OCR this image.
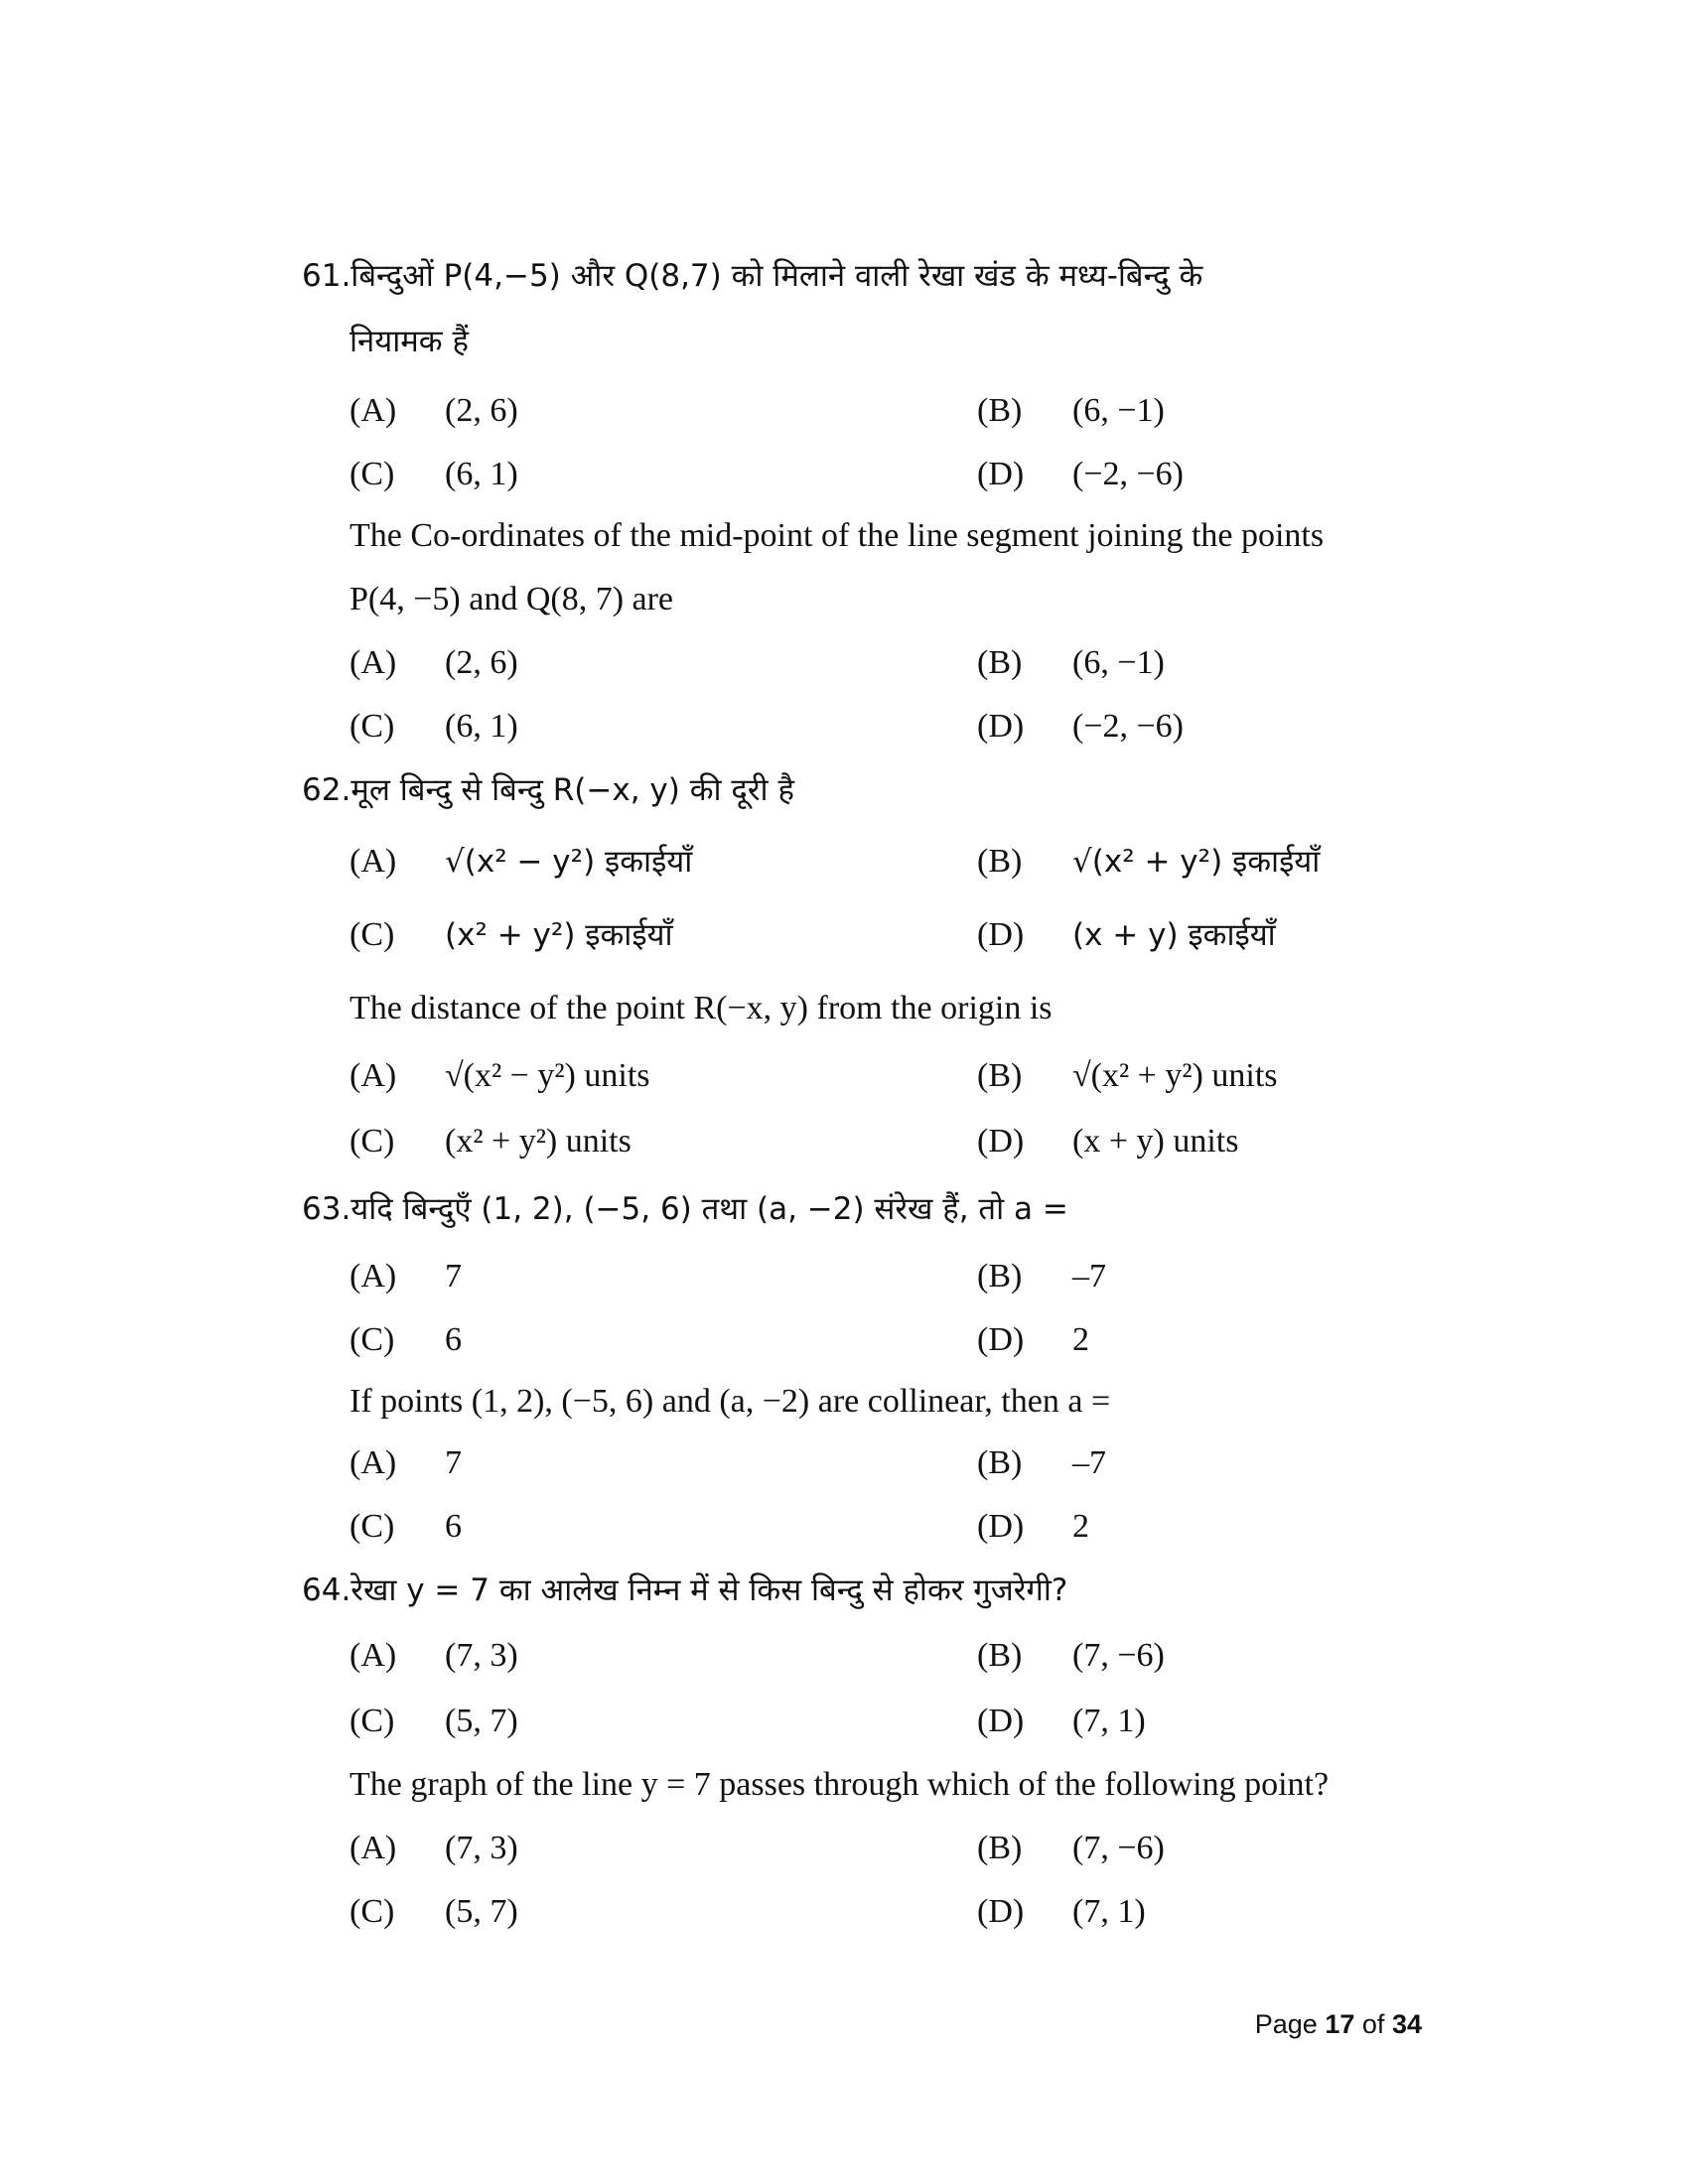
61.बिन्दुओं P(4,−5) और Q(8,7) को मिलाने वाली रेखा खंड के मध्य-बिन्दु के
नियामक हैं
(A) (2, 6)	(B) (6, −1)
(C) (6, 1)	(D) (−2, −6)
The Co-ordinates of the mid-point of the line segment joining the points
P(4, −5) and Q(8, 7) are
(A) (2, 6)	(B) (6, −1)
(C) (6, 1)	(D) (−2, −6)
62.मूल बिन्दु से बिन्दु R(−x, y) की दूरी है
(A) √(x² − y²) इकाईयाँ	(B) √(x² + y²) इकाईयाँ
(C) (x² + y²) इकाईयाँ	(D) (x + y) इकाईयाँ
The distance of the point R(−x, y) from the origin is
(A) √(x² − y²) units	(B) √(x² + y²) units
(C) (x² + y²) units	(D) (x + y) units
63.यदि बिन्दुएँ (1, 2), (−5, 6) तथा (a, −2) संरेख हैं, तो a =
(A) 7	(B) –7
(C) 6	(D) 2
If points (1, 2), (−5, 6) and (a, −2) are collinear, then a =
(A) 7	(B) –7
(C) 6	(D) 2
64.रेखा y = 7 का आलेख निम्न में से किस बिन्दु से होकर गुजरेगी?
(A) (7, 3)	(B) (7, −6)
(C) (5, 7)	(D) (7, 1)
The graph of the line y = 7 passes through which of the following point?
(A) (7, 3)	(B) (7, −6)
(C) (5, 7)	(D) (7, 1)
Page 17 of 34
